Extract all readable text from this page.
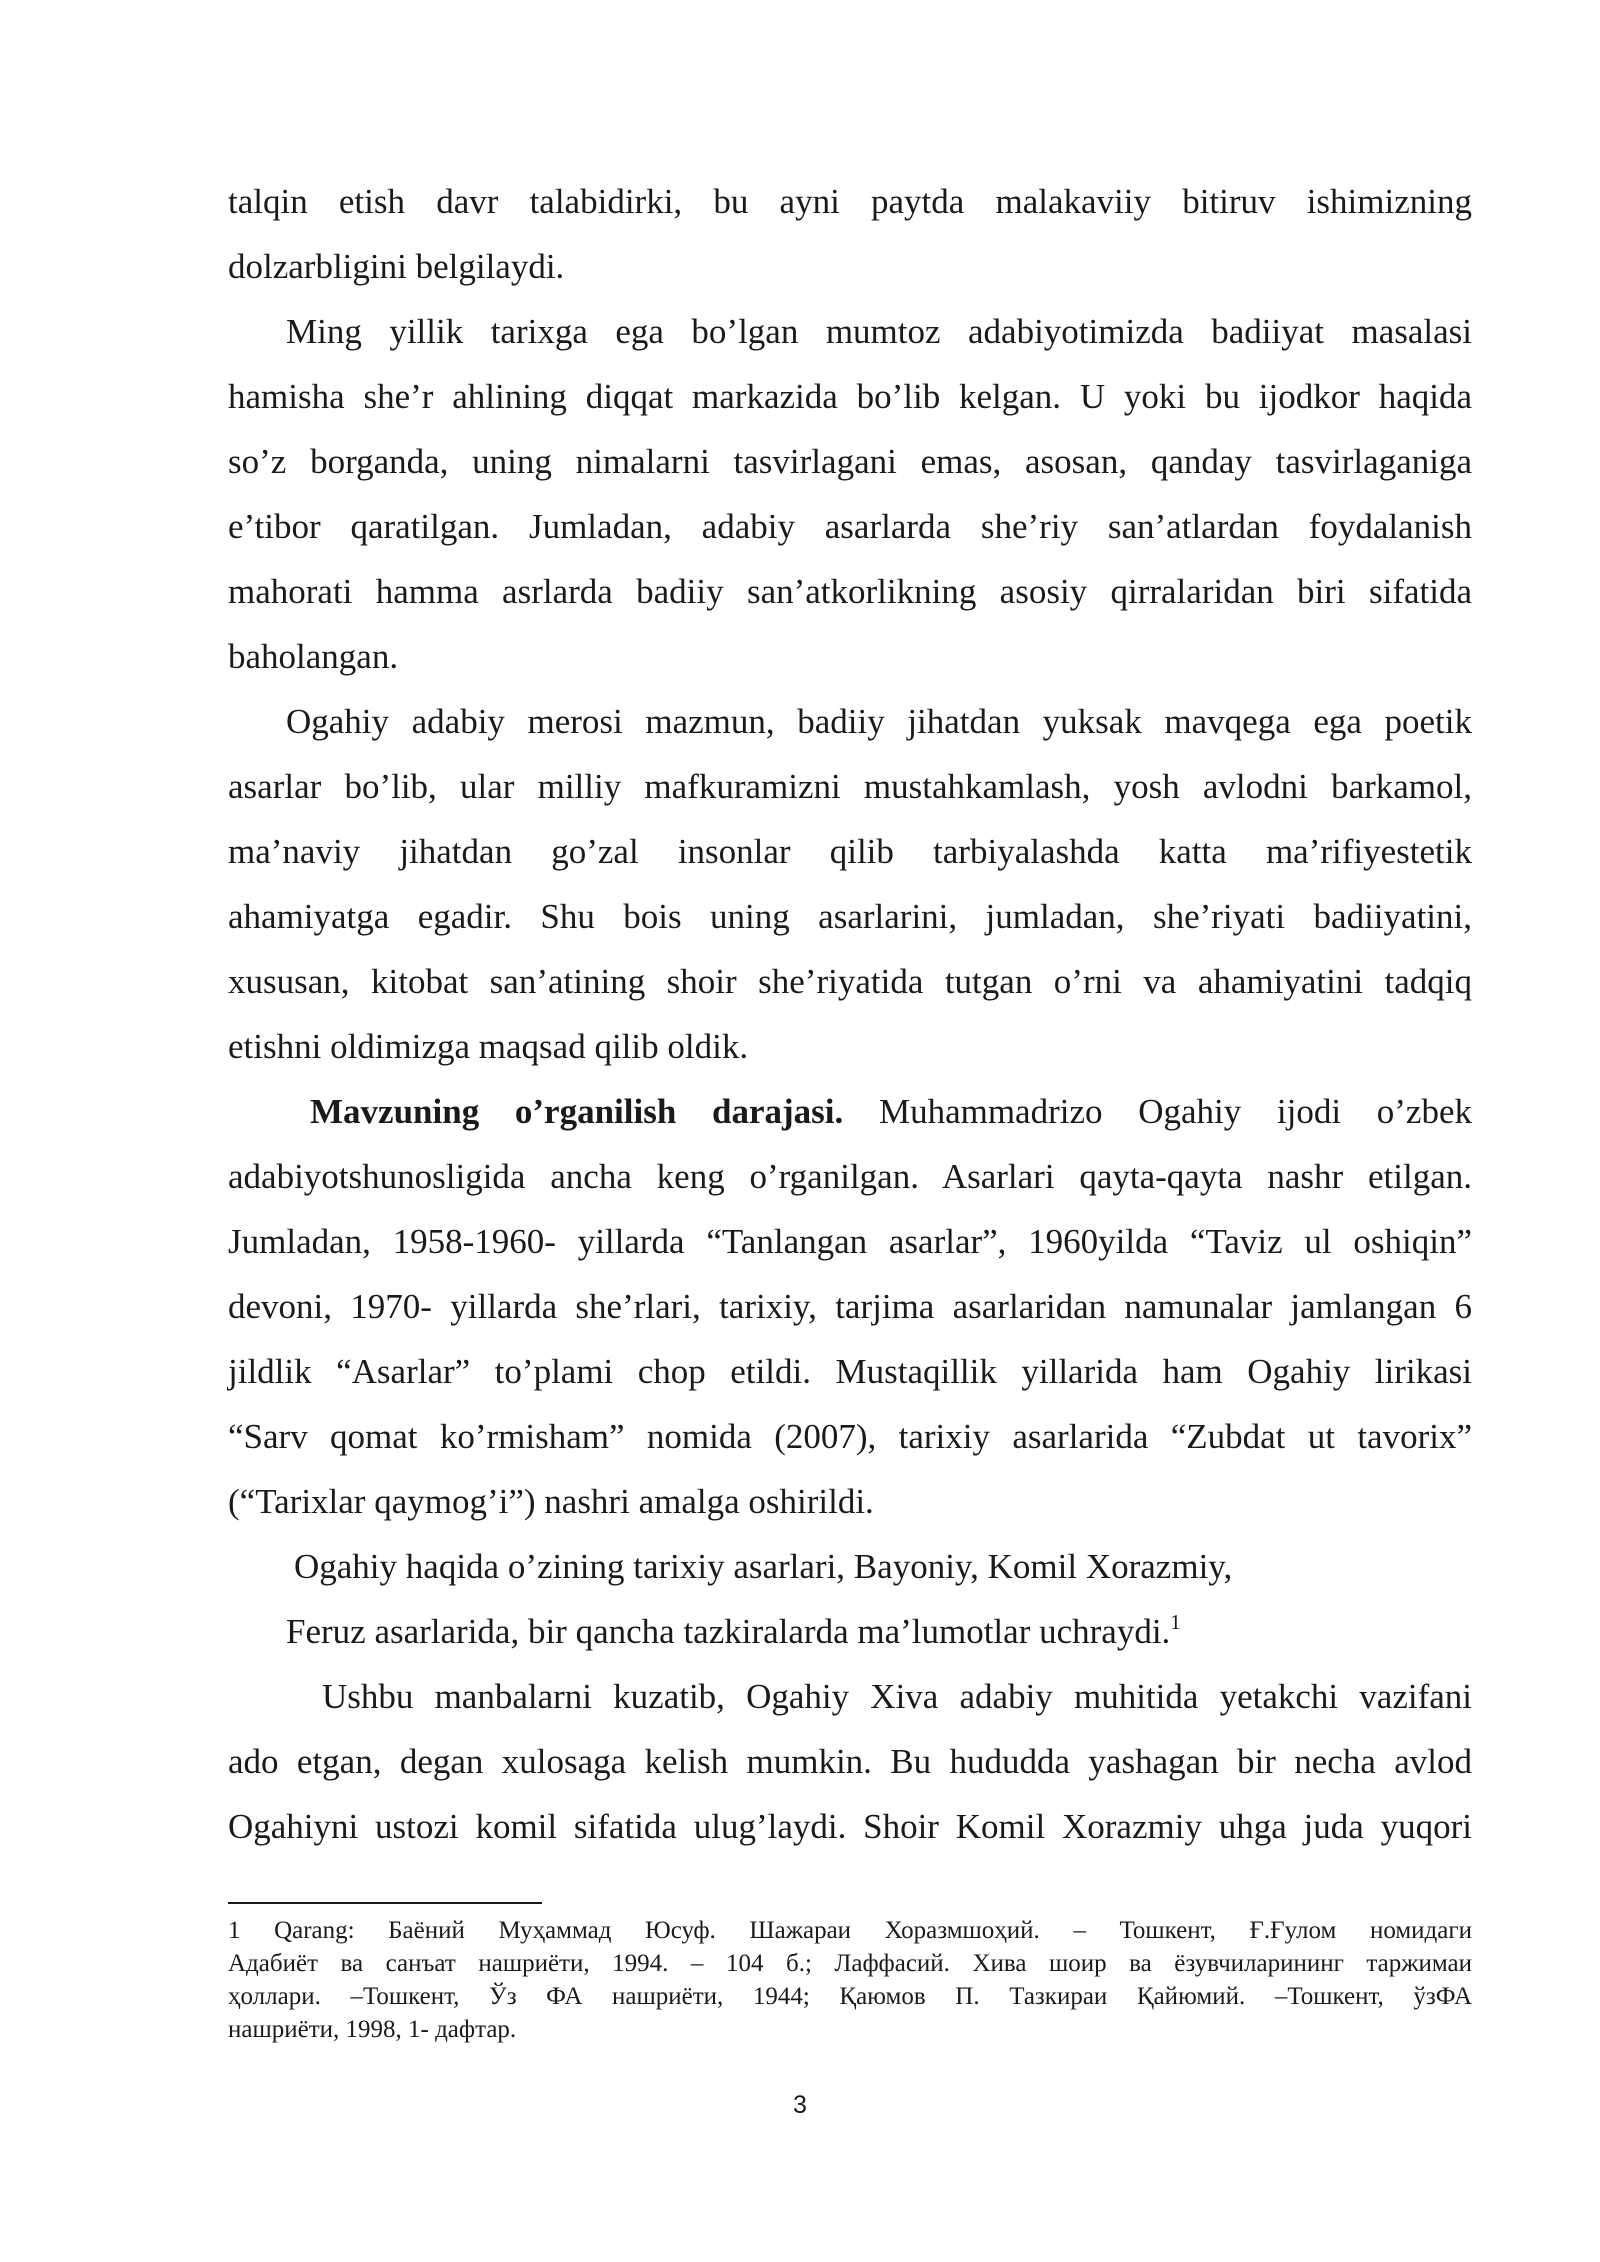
talqin etish davr talabidirki, bu ayni paytda malakaviiy bitiruv ishimizning
dolzarbligini belgilaydi.
Ming yillik tarixga ega bo’lgan mumtoz adabiyotimizda badiiyat masalasi
hamisha she’r ahlining diqqat markazida bo’lib kelgan. U yoki bu ijodkor haqida
so’z borganda, uning nimalarni tasvirlagani emas, asosan, qanday tasvirlaganiga
e’tibor qaratilgan. Jumladan, adabiy asarlarda she’riy san’atlardan foydalanish
mahorati hamma asrlarda badiiy san’atkorlikning asosiy qirralaridan biri sifatida
baholangan.
Ogahiy adabiy merosi mazmun, badiiy jihatdan yuksak mavqega ega poetik
asarlar bo’lib, ular milliy mafkuramizni mustahkamlash, yosh avlodni barkamol,
ma’naviy jihatdan go’zal insonlar qilib tarbiyalashda katta ma’rifiyestetik
ahamiyatga egadir. Shu bois uning asarlarini, jumladan, she’riyati badiiyatini,
xususan, kitobat san’atining shoir she’riyatida tutgan o’rni va ahamiyatini tadqiq
etishni oldimizga maqsad qilib oldik.
Mavzuning o’rganilish darajasi. Muhammadrizo Ogahiy ijodi o’zbek
adabiyotshunosligida ancha keng o’rganilgan. Asarlari qayta-qayta nashr etilgan.
Jumladan, 1958-1960- yillarda “Tanlangan asarlar”, 1960yilda “Taviz ul oshiqin”
devoni, 1970- yillarda she’rlari, tarixiy, tarjima asarlaridan namunalar jamlangan 6
jildlik “Asarlar” to’plami chop etildi. Mustaqillik yillarida ham Ogahiy lirikasi
“Sarv qomat ko’rmisham” nomida (2007), tarixiy asarlarida “Zubdat ut tavorix”
(“Tarixlar qaymog’i”) nashri amalga oshirildi.
Ogahiy haqida o’zining tarixiy asarlari, Bayoniy, Komil Xorazmiy,
Feruz asarlarida, bir qancha tazkiralarda ma’lumotlar uchraydi.$^1$
Ushbu manbalarni kuzatib, Ogahiy Xiva adabiy muhitida yetakchi vazifani
ado etgan, degan xulosaga kelish mumkin. Bu hududda yashagan bir necha avlod
Ogahiyni ustozi komil sifatida ulug’laydi. Shoir Komil Xorazmiy uhga juda yuqori
1 Qarang: Баёний Муҳаммад Юсуф. Шажараи Хоразмшоҳий. – Тошкент, Ғ.Ғулом номидаги
Адабиёт ва санъат нашриёти, 1994. – 104 б.; Лаффасий. Хива шоир ва ёзувчиларининг таржимаи
ҳоллари. –Тошкент, Ўз ФА нашриёти, 1944; Қаюмов П. Тазкираи Қайюмий. –Тошкент, ўзФА
нашриёти, 1998, 1- дафтар.
3
